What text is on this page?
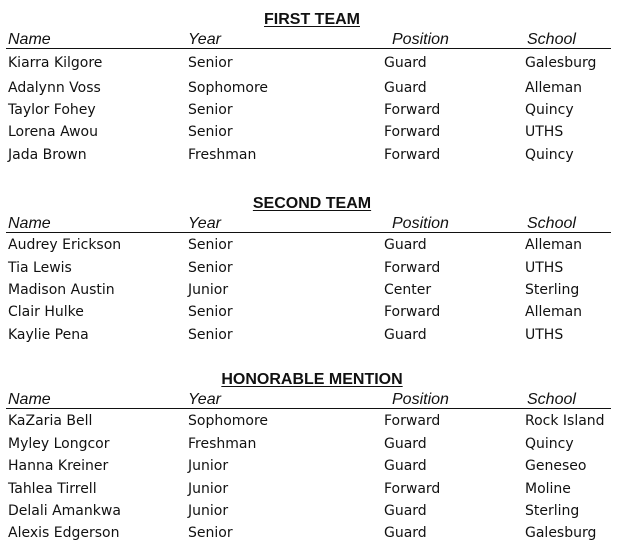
FIRST TEAM
Name	Year	Position	School
Kiarra Kilgore	Senior	Guard	Galesburg
Adalynn Voss	Sophomore	Guard	Alleman
Taylor Fohey	Senior	Forward	Quincy
Lorena Awou	Senior	Forward	UTHS
Jada Brown	Freshman	Forward	Quincy
SECOND TEAM
Name	Year	Position	School
Audrey Erickson	Senior	Guard	Alleman
Tia Lewis	Senior	Forward	UTHS
Madison Austin	Junior	Center	Sterling
Clair Hulke	Senior	Forward	Alleman
Kaylie Pena	Senior	Guard	UTHS
HONORABLE MENTION
Name	Year	Position	School
KaZaria Bell	Sophomore	Forward	Rock Island
Myley Longcor	Freshman	Guard	Quincy
Hanna Kreiner	Junior	Guard	Geneseo
Tahlea Tirrell	Junior	Forward	Moline
Delali Amankwa	Junior	Guard	Sterling
Alexis Edgerson	Senior	Guard	Galesburg
